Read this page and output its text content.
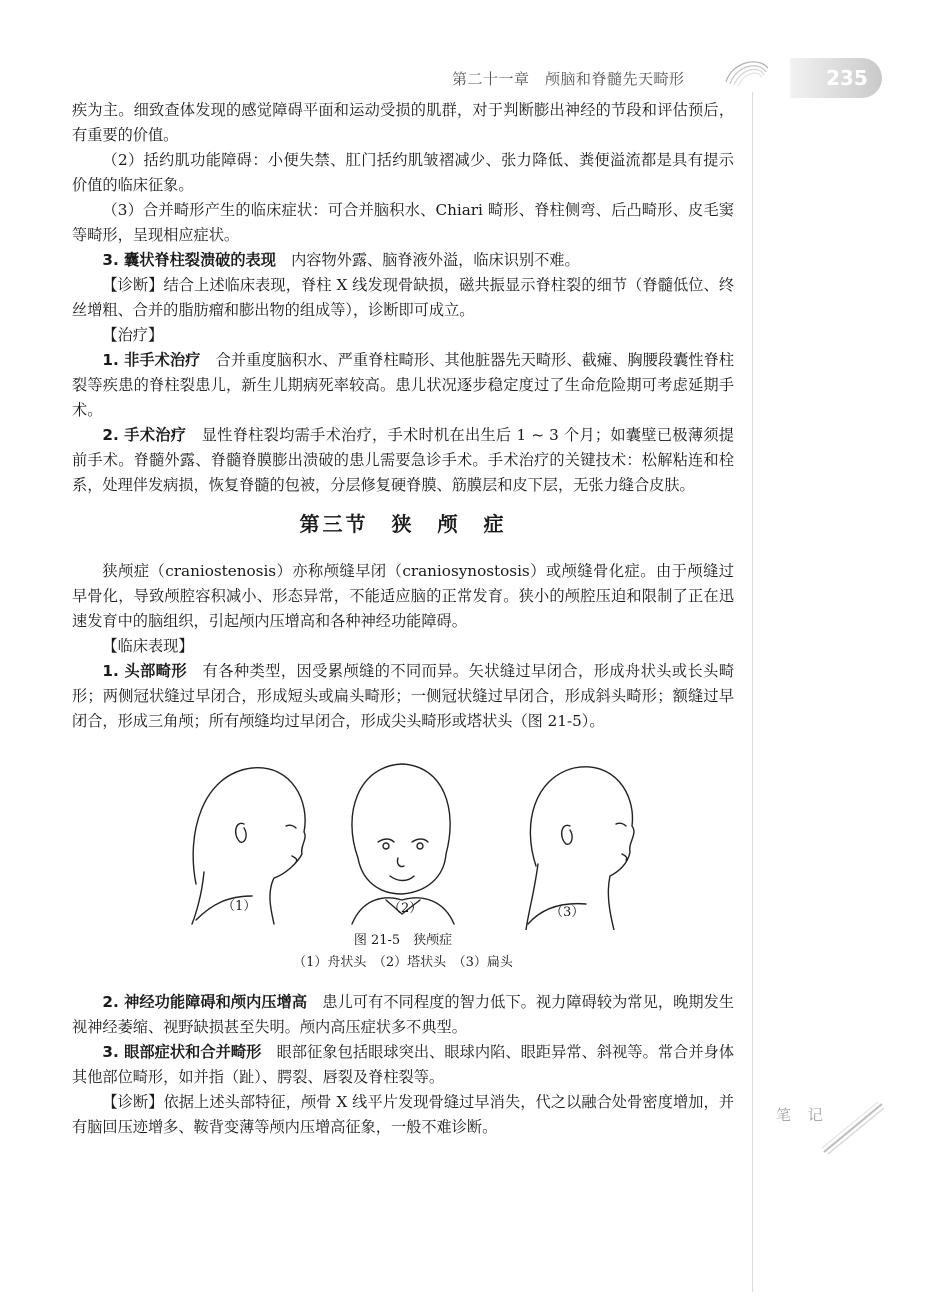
第二十一章　颅脑和脊髓先天畸形	235

疾为主。细致查体发现的感觉障碍平面和运动受损的肌群，对于判断膨出神经的节段和评估预后，有重要的价值。

（2）括约肌功能障碍：小便失禁、肛门括约肌皱褶减少、张力降低、粪便溢流都是具有提示价值的临床征象。

（3）合并畸形产生的临床症状：可合并脑积水、Chiari 畸形、脊柱侧弯、后凸畸形、皮毛窦等畸形，呈现相应症状。

3. 囊状脊柱裂溃破的表现　 内容物外露、脑脊液外溢，临床识别不难。

【诊断】结合上述临床表现，脊柱 X 线发现骨缺损，磁共振显示脊柱裂的细节（脊髓低位、终丝增粗、合并的脂肪瘤和膨出物的组成等），诊断即可成立。

【治疗】

1. 非手术治疗　 合并重度脑积水、严重脊柱畸形、其他脏器先天畸形、截瘫、胸腰段囊性脊柱裂等疾患的脊柱裂患儿，新生儿期病死率较高。患儿状况逐步稳定度过了生命危险期可考虑延期手术。

2. 手术治疗　 显性脊柱裂均需手术治疗，手术时机在出生后 1 ~ 3 个月；如囊壁已极薄须提前手术。脊髓外露、脊髓脊膜膨出溃破的患儿需要急诊手术。手术治疗的关键技术：松解粘连和栓系，处理伴发病损，恢复脊髓的包被，分层修复硬脊膜、筋膜层和皮下层，无张力缝合皮肤。

第三节　狭　颅　症

狭颅症（craniostenosis）亦称颅缝早闭（craniosynostosis）或颅缝骨化症。由于颅缝过早骨化，导致颅腔容积减小、形态异常，不能适应脑的正常发育。狭小的颅腔压迫和限制了正在迅速发育中的脑组织，引起颅内压增高和各种神经功能障碍。

【临床表现】

1. 头部畸形　 有各种类型，因受累颅缝的不同而异。矢状缝过早闭合，形成舟状头或长头畸形；两侧冠状缝过早闭合，形成短头或扁头畸形；一侧冠状缝过早闭合，形成斜头畸形；额缝过早闭合，形成三角颅；所有颅缝均过早闭合，形成尖头畸形或塔状头（图 21-5）。

（1）	（2）	（3）
图 21-5　狭颅症
（1）舟状头　（2）塔状头　（3）扁头

2. 神经功能障碍和颅内压增高　 患儿可有不同程度的智力低下。视力障碍较为常见，晚期发生视神经萎缩、视野缺损甚至失明。颅内高压症状多不典型。

3. 眼部症状和合并畸形　 眼部征象包括眼球突出、眼球内陷、眼距异常、斜视等。常合并身体其他部位畸形，如并指（趾）、腭裂、唇裂及脊柱裂等。

【诊断】依据上述头部特征，颅骨 X 线平片发现骨缝过早消失，代之以融合处骨密度增加，并有脑回压迹增多、鞍背变薄等颅内压增高征象，一般不难诊断。

笔 记
